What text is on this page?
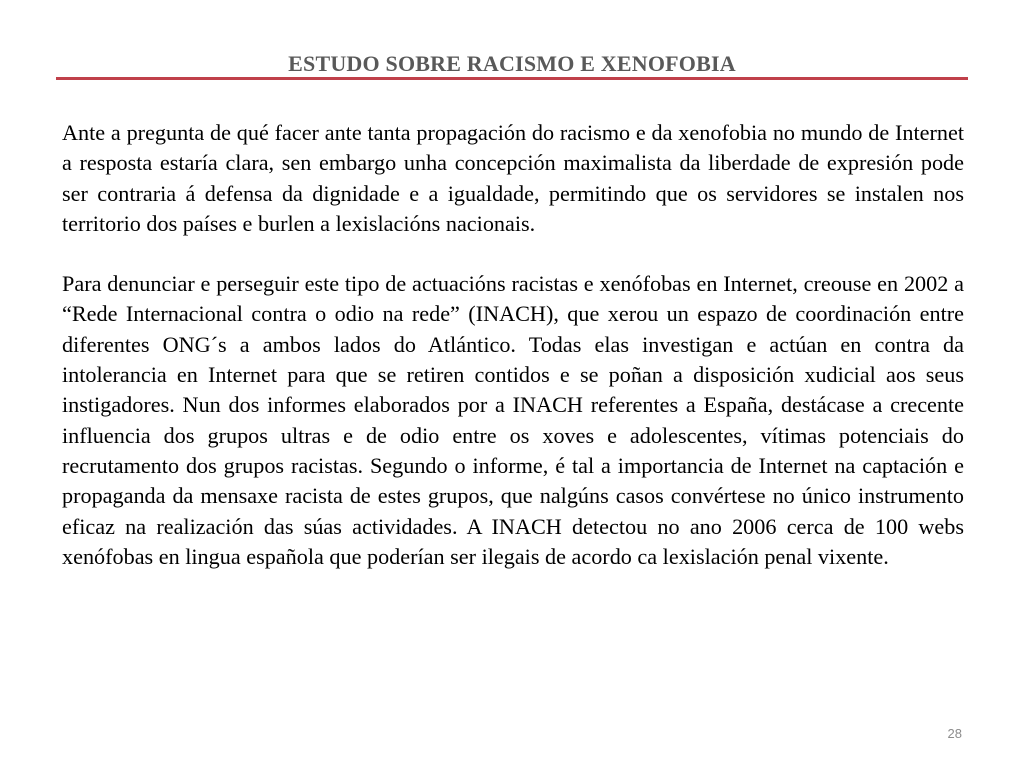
ESTUDO SOBRE RACISMO E XENOFOBIA

Ante a pregunta de qué facer ante tanta propagación do racismo e da xenofobia no mundo de Internet a resposta estaría clara, sen embargo unha concepción maximalista da liberdade de expresión pode ser contraria á defensa da dignidade e a igualdade, permitindo que os servidores se instalen nos territorio dos países e burlen a lexislacións nacionais.

Para denunciar e perseguir este tipo de actuacións racistas e xenófobas en Internet, creouse en 2002 a “Rede Internacional contra o odio na rede” (INACH), que xerou un espazo de coordinación entre diferentes ONG´s a ambos lados do Atlántico. Todas elas investigan e actúan en contra da intolerancia en Internet para que se retiren contidos e se poñan a disposición xudicial aos seus instigadores. Nun dos informes elaborados por a INACH referentes a España, destácase a crecente influencia dos grupos ultras e de odio entre os xoves e adolescentes, vítimas potenciais do recrutamento dos grupos racistas. Segundo o informe, é tal a importancia de Internet na captación e propaganda da mensaxe racista de estes grupos, que nalgúns casos convértese no único instrumento eficaz na realización das súas actividades. A INACH detectou no ano 2006 cerca de 100 webs xenófobas en lingua española que poderían ser ilegais de acordo ca lexislación penal vixente.

28
